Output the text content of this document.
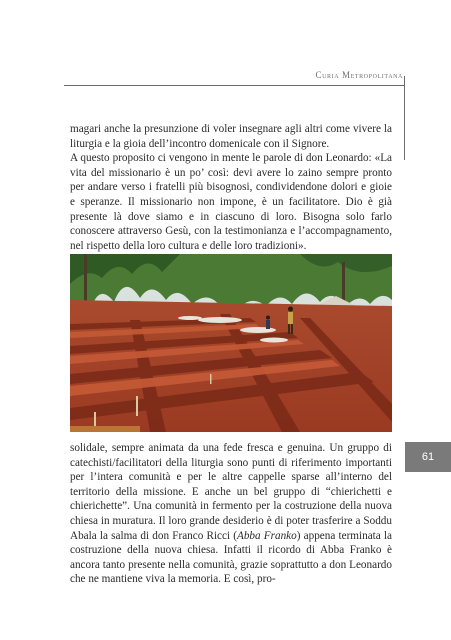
Curia Metropolitana

magari anche la presunzione di voler insegnare agli altri come vivere la liturgia e la gioia dell’incontro domenicale con il Signore.

A questo proposito ci vengono in mente le parole di don Leonardo: «La vita del missionario è un po’ così: devi avere lo zaino sempre pronto per andare verso i fratelli più bisognosi, condividendone dolori e gioie e speranze. Il missionario non impone, è un facilitatore. Dio è già presente là dove siamo e in ciascuno di loro. Bisogna solo farlo conoscere attraverso Gesù, con la testimonianza e l’accompagnamento, nel rispetto della loro cultura e delle loro tradizioni».

solidale, sempre animata da una fede fresca e genuina. Un gruppo di catechisti/facilitatori della liturgia sono punti di riferimento importanti per l’intera comunità e per le altre cappelle sparse all’interno del territorio della missione. E anche un bel gruppo di “chierichetti e chierichette”. Una comunità in fermento per la costruzione della nuova chiesa in muratura. Il loro grande desiderio è di poter trasferire a Soddu Abala la salma di don Franco Ricci (Abba Franko) appena terminata la costruzione della nuova chiesa. Infatti il ricordo di Abba Franko è ancora tanto presente nella comunità, grazie soprattutto a don Leonardo che ne mantiene viva la memoria. E così, pro-

61
